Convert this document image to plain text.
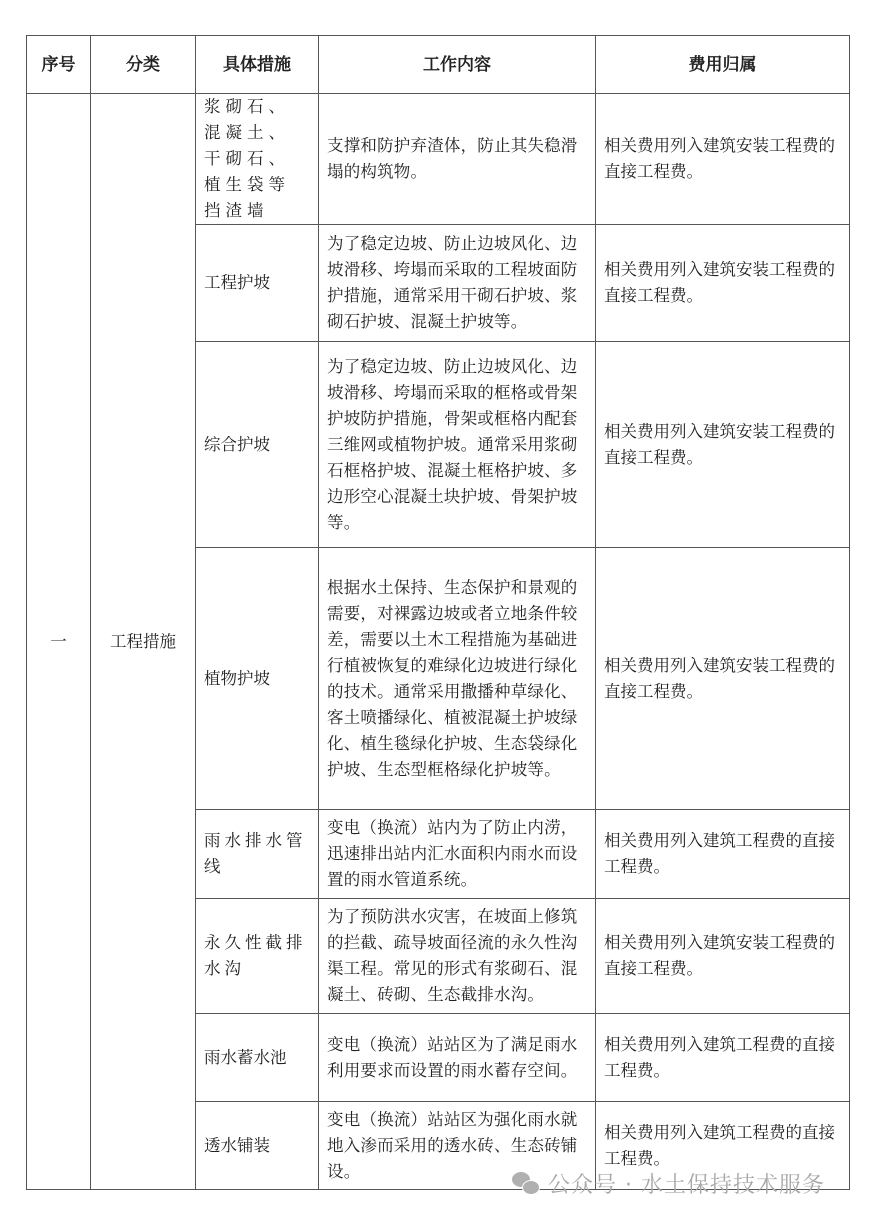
序号	分类	具体措施	工作内容	费用归属
一	工程措施	浆砌石、混凝土、干砌石、植生袋等挡渣墙	支撑和防护弃渣体，防止其失稳滑塌的构筑物。	相关费用列入建筑安装工程费的直接工程费。
		工程护坡	为了稳定边坡、防止边坡风化、边坡滑移、垮塌而采取的工程坡面防护措施，通常采用干砌石护坡、浆砌石护坡、混凝土护坡等。	相关费用列入建筑安装工程费的直接工程费。
		综合护坡	为了稳定边坡、防止边坡风化、边坡滑移、垮塌而采取的框格或骨架护坡防护措施，骨架或框格内配套三维网或植物护坡。通常采用浆砌石框格护坡、混凝土框格护坡、多边形空心混凝土块护坡、骨架护坡等。	相关费用列入建筑安装工程费的直接工程费。
		植物护坡	根据水土保持、生态保护和景观的需要，对裸露边坡或者立地条件较差，需要以土木工程措施为基础进行植被恢复的难绿化边坡进行绿化的技术。通常采用撒播种草绿化、客土喷播绿化、植被混凝土护坡绿化、植生毯绿化护坡、生态袋绿化护坡、生态型框格绿化护坡等。	相关费用列入建筑安装工程费的直接工程费。
		雨水排水管线	变电（换流）站内为了防止内涝，迅速排出站内汇水面积内雨水而设置的雨水管道系统。	相关费用列入建筑工程费的直接工程费。
		永久性截排水沟	为了预防洪水灾害，在坡面上修筑的拦截、疏导坡面径流的永久性沟渠工程。常见的形式有浆砌石、混凝土、砖砌、生态截排水沟。	相关费用列入建筑安装工程费的直接工程费。
		雨水蓄水池	变电（换流）站站区为了满足雨水利用要求而设置的雨水蓄存空间。	相关费用列入建筑工程费的直接工程费。
		透水铺装	变电（换流）站站区为强化雨水就地入渗而采用的透水砖、生态砖铺设。	相关费用列入建筑工程费的直接工程费。
公众号 · 水土保持技术服务
